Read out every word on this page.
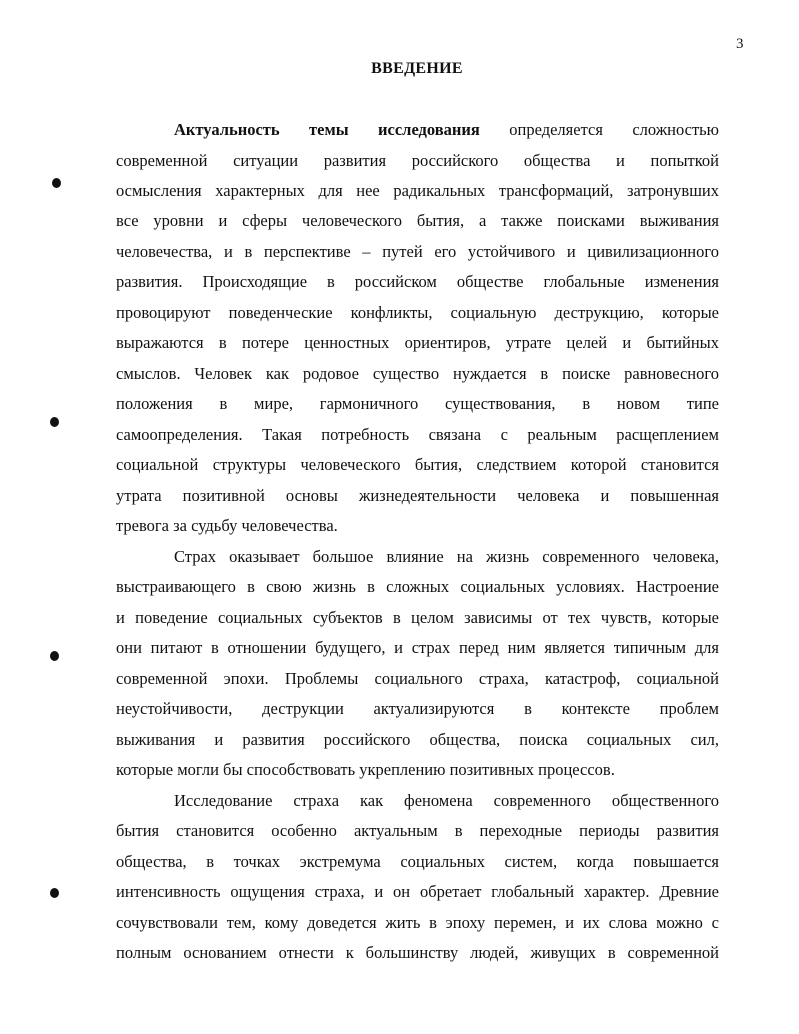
3
ВВЕДЕНИЕ
Актуальность темы исследования определяется сложностью
современной ситуации развития российского общества и попыткой
осмысления характерных для нее радикальных трансформаций, затронувших
все уровни и сферы человеческого бытия, а также поисками выживания
человечества, и в перспективе – путей его устойчивого и цивилизационного
развития. Происходящие в российском обществе глобальные изменения
провоцируют поведенческие конфликты, социальную деструкцию, которые
выражаются в потере ценностных ориентиров, утрате целей и бытийных
смыслов. Человек как родовое существо нуждается в поиске равновесного
положения в мире, гармоничного существования, в новом типе
самоопределения. Такая потребность связана с реальным расщеплением
социальной структуры человеческого бытия, следствием которой становится
утрата позитивной основы жизнедеятельности человека и повышенная
тревога за судьбу человечества.
Страх оказывает большое влияние на жизнь современного человека,
выстраивающего в свою жизнь в сложных социальных условиях. Настроение
и поведение социальных субъектов в целом зависимы от тех чувств, которые
они питают в отношении будущего, и страх перед ним является типичным для
современной эпохи. Проблемы социального страха, катастроф, социальной
неустойчивости, деструкции актуализируются в контексте проблем
выживания и развития российского общества, поиска социальных сил,
которые могли бы способствовать укреплению позитивных процессов.
Исследование страха как феномена современного общественного
бытия становится особенно актуальным в переходные периоды развития
общества, в точках экстремума социальных систем, когда повышается
интенсивность ощущения страха, и он обретает глобальный характер. Древние
сочувствовали тем, кому доведется жить в эпоху перемен, и их слова можно с
полным основанием отнести к большинству людей, живущих в современной
